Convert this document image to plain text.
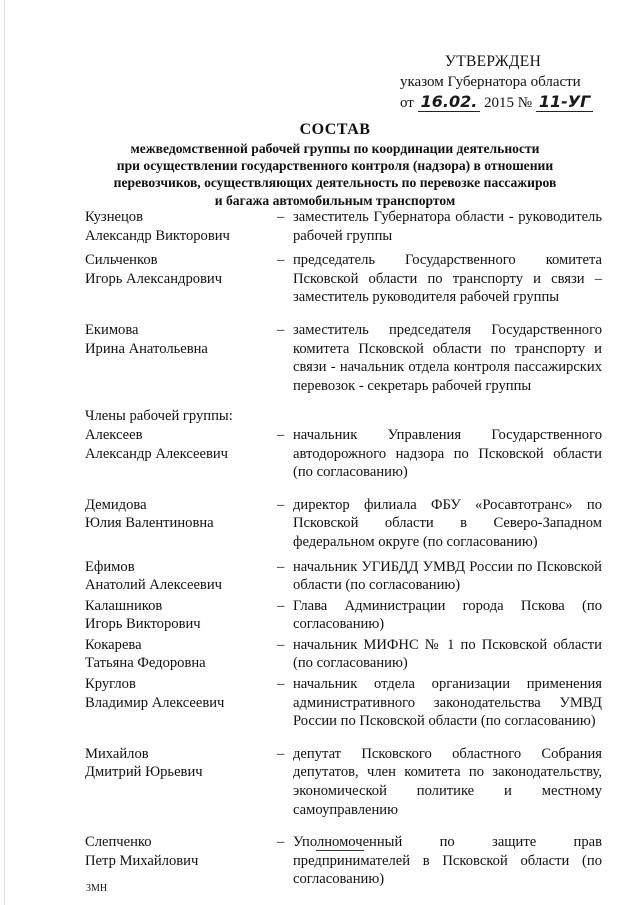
УТВЕРЖДЕН
указом Губернатора области
от 16.02. 2015 № 11-УГ
СОСТАВ
межведомственной рабочей группы по координации деятельности
при осуществлении государственного контроля (надзора) в отношении
перевозчиков, осуществляющих деятельность по перевозке пассажиров
и багажа автомобильным транспортом
Кузнецов
Александр Викторович
– заместитель Губернатора области - руководитель рабочей группы
Сильченков
Игорь Александрович
– председатель Государственного комитета Псковской области по транспорту и связи – заместитель руководителя рабочей группы
Екимова
Ирина Анатольевна
– заместитель председателя Государственного комитета Псковской области по транспорту и связи - начальник отдела контроля пассажирских перевозок - секретарь рабочей группы
Члены рабочей группы:
Алексеев
Александр Алексеевич
– начальник Управления Государственного автодорожного надзора по Псковской области (по согласованию)
Демидова
Юлия Валентиновна
– директор филиала ФБУ «Росавтотранс» по Псковской области в Северо-Западном федеральном округе (по согласованию)
Ефимов
Анатолий Алексеевич
– начальник УГИБДД УМВД России по Псковской области (по согласованию)
Калашников
Игорь Викторович
– Глава Администрации города Пскова (по согласованию)
Кокарева
Татьяна Федоровна
– начальник МИФНС № 1 по Псковской области (по согласованию)
Круглов
Владимир Алексеевич
– начальник отдела организации применения административного законодательства УМВД России по Псковской области (по согласованию)
Михайлов
Дмитрий Юрьевич
– депутат Псковского областного Собрания депутатов, член комитета по законодательству, экономической политике и местному самоуправлению
Слепченко
Петр Михайлович
– Уполномоченный по защите прав предпринимателей в Псковской области (по согласованию)
3МН
